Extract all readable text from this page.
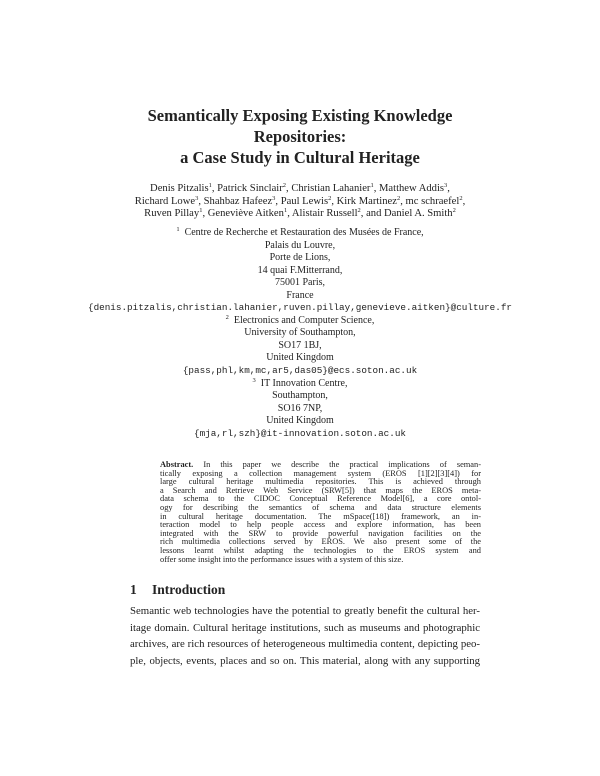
Semantically Exposing Existing Knowledge
Repositories:
a Case Study in Cultural Heritage
Denis Pitzalis$^1$, Patrick Sinclair$^2$, Christian Lahanier$^1$, Matthew Addis$^3$,
Richard Lowe$^3$, Shahbaz Hafeez$^3$, Paul Lewis$^2$, Kirk Martinez$^2$, mc schraefel$^2$,
Ruven Pillay$^1$, Geneviève Aitken$^1$, Alistair Russell$^2$, and Daniel A. Smith$^2$
$^1$  Centre de Recherche et Restauration des Musées de France,
Palais du Louvre,
Porte de Lions,
14 quai F.Mitterrand,
75001 Paris,
France
{denis.pitzalis,christian.lahanier,ruven.pillay,genevieve.aitken}@culture.fr
$^2$  Electronics and Computer Science,
University of Southampton,
SO17 1BJ,
United Kingdom
{pass,phl,km,mc,ar5,das05}@ecs.soton.ac.uk
$^3$  IT Innovation Centre,
Southampton,
SO16 7NP,
United Kingdom
{mja,rl,szh}@it-innovation.soton.ac.uk
Abstract. In this paper we describe the practical implications of seman-
tically exposing a collection management system (EROS [1][2][3][4]) for
large cultural heritage multimedia repositories. This is achieved through
a Search and Retrieve Web Service (SRW[5]) that maps the EROS meta-
data schema to the CIDOC Conceptual Reference Model[6], a core ontol-
ogy for describing the semantics of schema and data structure elements
in cultural heritage documentation. The mSpace([18]) framework, an in-
teraction model to help people access and explore information, has been
integrated with the SRW to provide powerful navigation facilities on the
rich multimedia collections served by EROS. We also present some of the
lessons learnt whilst adapting the technologies to the EROS system and
offer some insight into the performance issues with a system of this size.
1 Introduction
Semantic web technologies have the potential to greatly benefit the cultural her-
itage domain. Cultural heritage institutions, such as museums and photographic
archives, are rich resources of heterogeneous multimedia content, depicting peo-
ple, objects, events, places and so on. This material, along with any supporting
